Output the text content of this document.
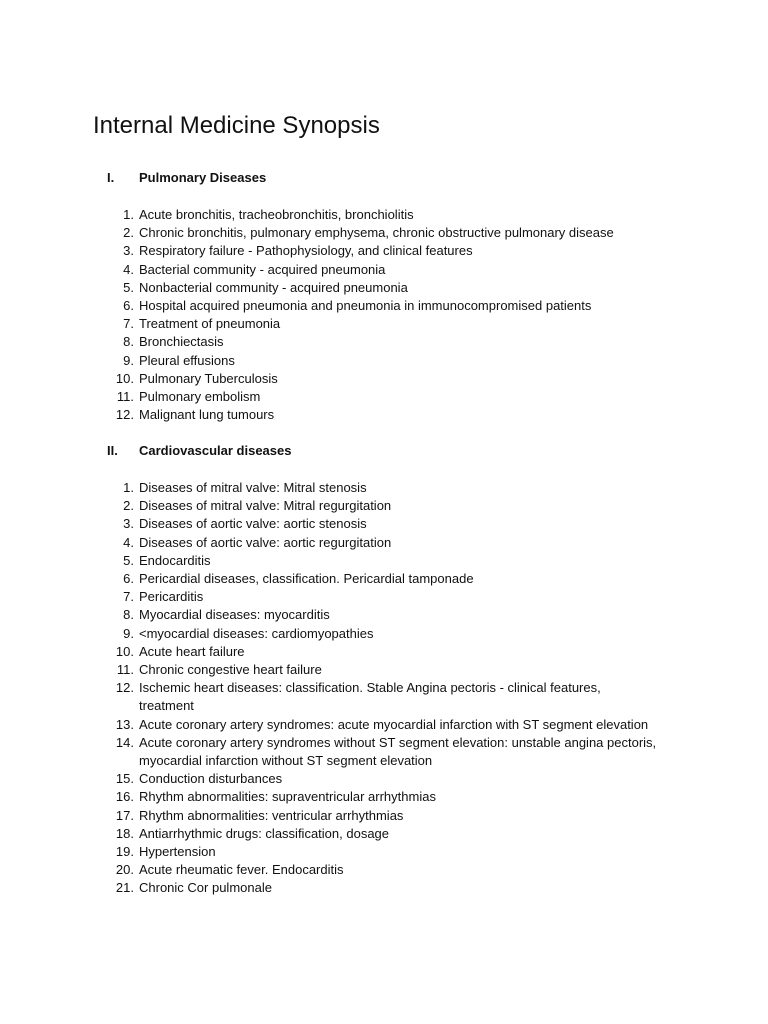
Internal Medicine Synopsis
I. Pulmonary Diseases
1. Acute bronchitis, tracheobronchitis, bronchiolitis
2. Chronic bronchitis, pulmonary emphysema, chronic obstructive pulmonary disease
3. Respiratory failure - Pathophysiology, and clinical features
4. Bacterial community - acquired pneumonia
5. Nonbacterial community - acquired pneumonia
6. Hospital acquired pneumonia and pneumonia in immunocompromised patients
7. Treatment of pneumonia
8. Bronchiectasis
9. Pleural effusions
10. Pulmonary Tuberculosis
11. Pulmonary embolism
12. Malignant lung tumours
II. Cardiovascular diseases
1. Diseases of mitral valve: Mitral stenosis
2. Diseases of mitral valve: Mitral regurgitation
3. Diseases of aortic valve: aortic stenosis
4. Diseases of aortic valve: aortic regurgitation
5. Endocarditis
6. Pericardial diseases, classification. Pericardial tamponade
7. Pericarditis
8. Myocardial diseases: myocarditis
9. <myocardial diseases: cardiomyopathies
10. Acute heart failure
11. Chronic congestive heart failure
12. Ischemic heart diseases: classification. Stable Angina pectoris - clinical features, treatment
13. Acute coronary artery syndromes: acute myocardial infarction with ST segment elevation
14. Acute coronary artery syndromes without ST segment elevation: unstable angina pectoris, myocardial infarction without ST segment elevation
15. Conduction disturbances
16. Rhythm abnormalities: supraventricular arrhythmias
17. Rhythm abnormalities: ventricular arrhythmias
18. Antiarrhythmic drugs: classification, dosage
19. Hypertension
20. Acute rheumatic fever. Endocarditis
21. Chronic Cor pulmonale
